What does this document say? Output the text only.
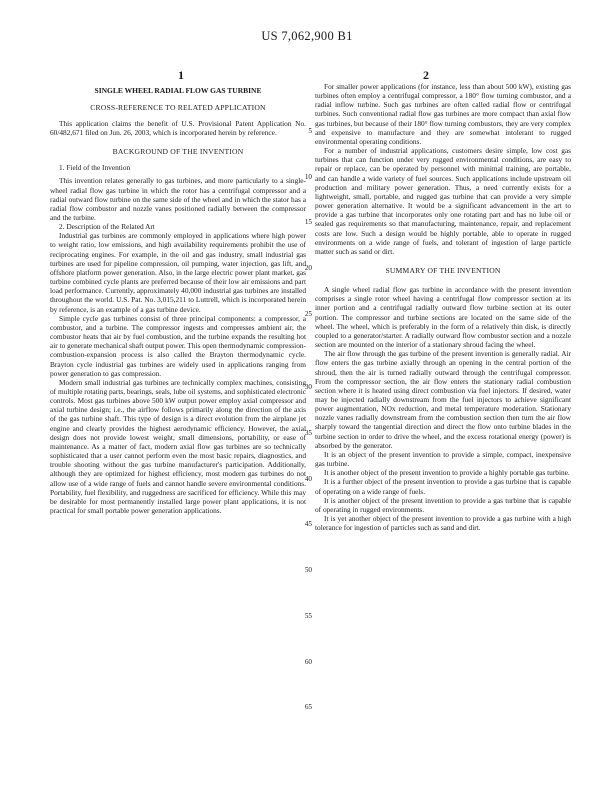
US 7,062,900 B1
1	2

SINGLE WHEEL RADIAL FLOW GAS TURBINE

CROSS-REFERENCE TO RELATED APPLICATION

This application claims the benefit of U.S. Provisional Patent Application No. 60/482,671 filed on Jun. 26, 2003, which is incorporated herein by reference.

BACKGROUND OF THE INVENTION

1. Field of the Invention

This invention relates generally to gas turbines, and more particularly to a single-wheel radial flow gas turbine in which the rotor has a centrifugal compressor and a radial outward flow turbine on the same side of the wheel and in which the stator has a radial flow combustor and nozzle vanes positioned radially between the compressor and the turbine.

2. Description of the Related Art

Industrial gas turbines are commonly employed in applications where high power to weight ratio, low emissions, and high availability requirements prohibit the use of reciprocating engines. For example, in the oil and gas industry, small industrial gas turbines are used for pipeline compression, oil pumping, water injection, gas lift, and offshore platform power generation. Also, in the large electric power plant market, gas turbine combined cycle plants are preferred because of their low air emissions and part load performance. Currently, approximately 40,000 industrial gas turbines are installed throughout the world. U.S. Pat. No. 3,015,211 to Luttrell, which is incorporated herein by reference, is an example of a gas turbine device.

Simple cycle gas turbines consist of three principal components: a compressor, a combustor, and a turbine. The compressor ingests and compresses ambient air, the combustor heats that air by fuel combustion, and the turbine expands the resulting hot air to generate mechanical shaft output power. This open thermodynamic compression-combustion-expansion process is also called the Brayton thermodynamic cycle. Brayton cycle industrial gas turbines are widely used in applications ranging from power generation to gas compression.

Modern small industrial gas turbines are technically complex machines, consisting of multiple rotating parts, bearings, seals, lube oil systems, and sophisticated electronic controls. Most gas turbines above 500 kW output power employ axial compressor and axial turbine design; i.e., the airflow follows primarily along the direction of the axis of the gas turbine shaft. This type of design is a direct evolution from the airplane jet engine and clearly provides the highest aerodynamic efficiency. However, the axial design does not provide lowest weight, small dimensions, portability, or ease of maintenance. As a matter of fact, modern axial flow gas turbines are so technically sophisticated that a user cannot perform even the most basic repairs, diagnostics, and trouble shooting without the gas turbine manufacturer's participation. Additionally, although they are optimized for highest efficiency, most modern gas turbines do not allow use of a wide range of fuels and cannot handle severe environmental conditions. Portability, fuel flexibility, and ruggedness are sacrificed for efficiency. While this may be desirable for most permanently installed large power plant applications, it is not practical for small portable power generation applications.

For smaller power applications (for instance, less than about 500 kW), existing gas turbines often employ a centrifugal compressor, a 180° flow turning combustor, and a radial inflow turbine. Such gas turbines are often called radial flow or centrifugal turbines. Such conventional radial flow gas turbines are more compact than axial flow gas turbines, but because of their 180° flow turning combustors, they are very complex and expensive to manufacture and they are somewhat intolerant to rugged environmental operating conditions.

For a number of industrial applications, customers desire simple, low cost gas turbines that can function under very rugged environmental conditions, are easy to repair or replace, can be operated by personnel with minimal training, are portable, and can handle a wide variety of fuel sources. Such applications include upstream oil production and military power generation. Thus, a need currently exists for a lightweight, small, portable, and rugged gas turbine that can provide a very simple power generation alternative. It would be a significant advancement in the art to provide a gas turbine that incorporates only one rotating part and has no lube oil or sealed gas requirements so that manufacturing, maintenance, repair, and replacement costs are low. Such a design would be highly portable, able to operate in rugged environments on a wide range of fuels, and tolerant of ingestion of large particle matter such as sand or dirt.

SUMMARY OF THE INVENTION

A single wheel radial flow gas turbine in accordance with the present invention comprises a single rotor wheel having a centrifugal flow compressor section at its inner portion and a centrifugal radially outward flow turbine section at its outer portion. The compressor and turbine sections are located on the same side of the wheel. The wheel, which is preferably in the form of a relatively thin disk, is directly coupled to a generator/starter. A radially outward flow combustor section and a nozzle section are mounted on the interior of a stationary shroud facing the wheel.

The air flow through the gas turbine of the present invention is generally radial. Air flow enters the gas turbine axially through an opening in the central portion of the shroud, then the air is turned radially outward through the centrifugal compressor. From the compressor section, the air flow enters the stationary radial combustion section where it is heated using direct combustion via fuel injectors. If desired, water may be injected radially downstream from the fuel injectors to achieve significant power augmentation, NOx reduction, and metal temperature moderation. Stationary nozzle vanes radially downstream from the combustion section then turn the air flow sharply toward the tangential direction and direct the flow onto turbine blades in the turbine section in order to drive the wheel, and the excess rotational energy (power) is absorbed by the generator.

It is an object of the present invention to provide a simple, compact, inexpensive gas turbine.

It is another object of the present invention to provide a highly portable gas turbine.

It is a further object of the present invention to provide a gas turbine that is capable of operating on a wide range of fuels.

It is another object of the present invention to provide a gas turbine that is capable of operating in rugged environments.

It is yet another object of the present invention to provide a gas turbine with a high tolerance for ingestion of particles such as sand and dirt.

5
10
15
20
25
30
35
40
45
50
55
60
65
